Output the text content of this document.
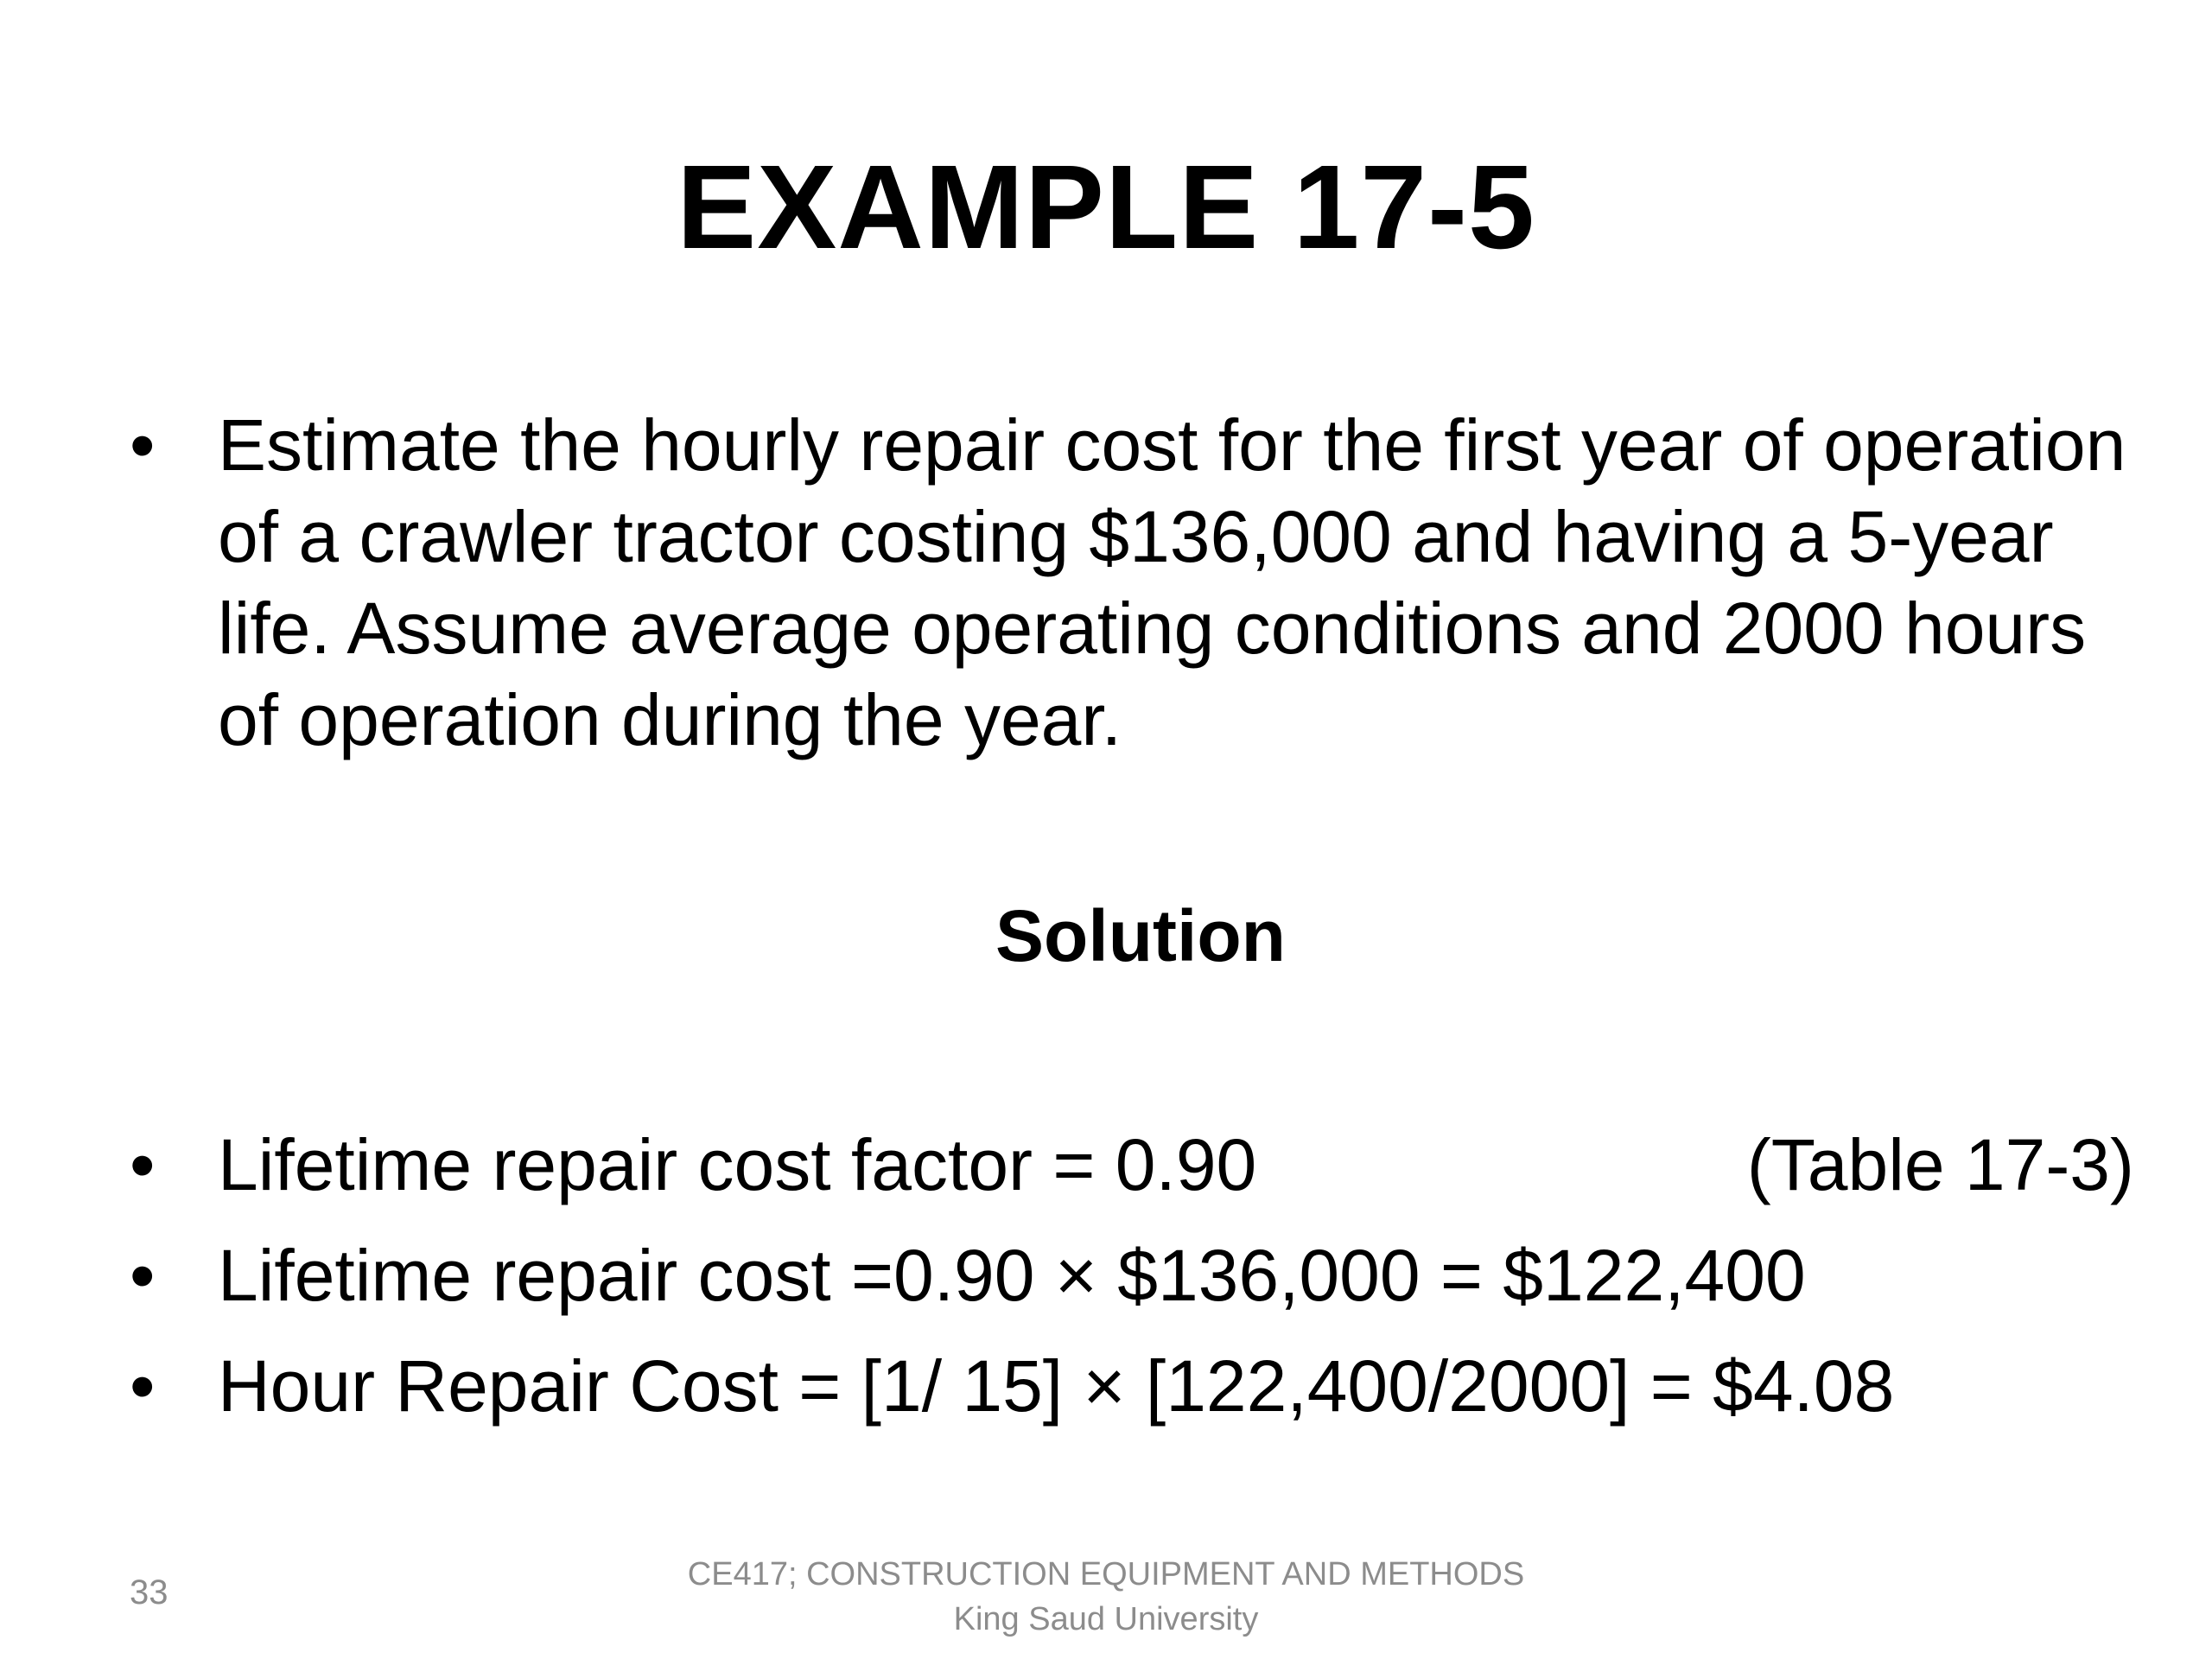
EXAMPLE 17-5
• Estimate the hourly repair cost for the first year of operation of a crawler tractor costing $136,000 and having a 5-year life. Assume average operating conditions and 2000 hours of operation during the year.
Solution
• Lifetime repair cost factor = 0.90	(Table 17-3)
• Lifetime repair cost =0.90 × $136,000 = $122,400
• Hour Repair Cost = [1/ 15] × [122,400/2000] = $4.08
33	CE417; CONSTRUCTION EQUIPMENT AND METHODS
King Saud University
